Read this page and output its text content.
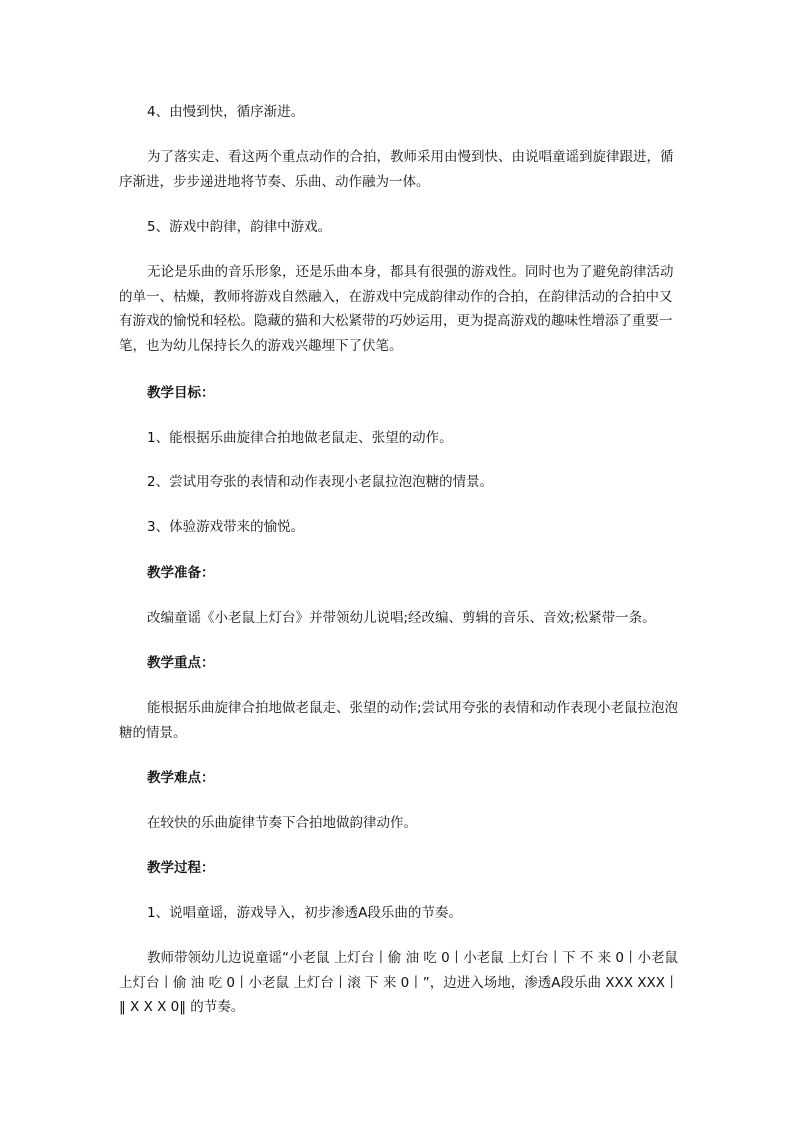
4、由慢到快，循序渐进。

为了落实走、看这两个重点动作的合拍，教师采用由慢到快、由说唱童谣到旋律跟进，循序渐进，步步递进地将节奏、乐曲、动作融为一体。

5、游戏中韵律，韵律中游戏。

无论是乐曲的音乐形象，还是乐曲本身，都具有很强的游戏性。同时也为了避免韵律活动的单一、枯燥，教师将游戏自然融入，在游戏中完成韵律动作的合拍，在韵律活动的合拍中又有游戏的愉悦和轻松。隐藏的猫和大松紧带的巧妙运用，更为提高游戏的趣味性增添了重要一笔，也为幼儿保持长久的游戏兴趣埋下了伏笔。

教学目标：

1、能根据乐曲旋律合拍地做老鼠走、张望的动作。

2、尝试用夸张的表情和动作表现小老鼠拉泡泡糖的情景。

3、体验游戏带来的愉悦。

教学准备：

改编童谣《小老鼠上灯台》并带领幼儿说唱;经改编、剪辑的音乐、音效;松紧带一条。

教学重点：

能根据乐曲旋律合拍地做老鼠走、张望的动作;尝试用夸张的表情和动作表现小老鼠拉泡泡糖的情景。

教学难点：

在较快的乐曲旋律节奏下合拍地做韵律动作。

教学过程：

1、说唱童谣，游戏导入，初步渗透A段乐曲的节奏。

教师带领幼儿边说童谣“小老鼠 上灯台丨偷 油 吃 0丨小老鼠 上灯台丨下 不 来 0丨小老鼠 上灯台丨偷 油 吃 0丨小老鼠 上灯台丨滚 下 来 0丨”，边进入场地，渗透A段乐曲 XXX XXX丨‖ X X X 0‖ 的节奏。
